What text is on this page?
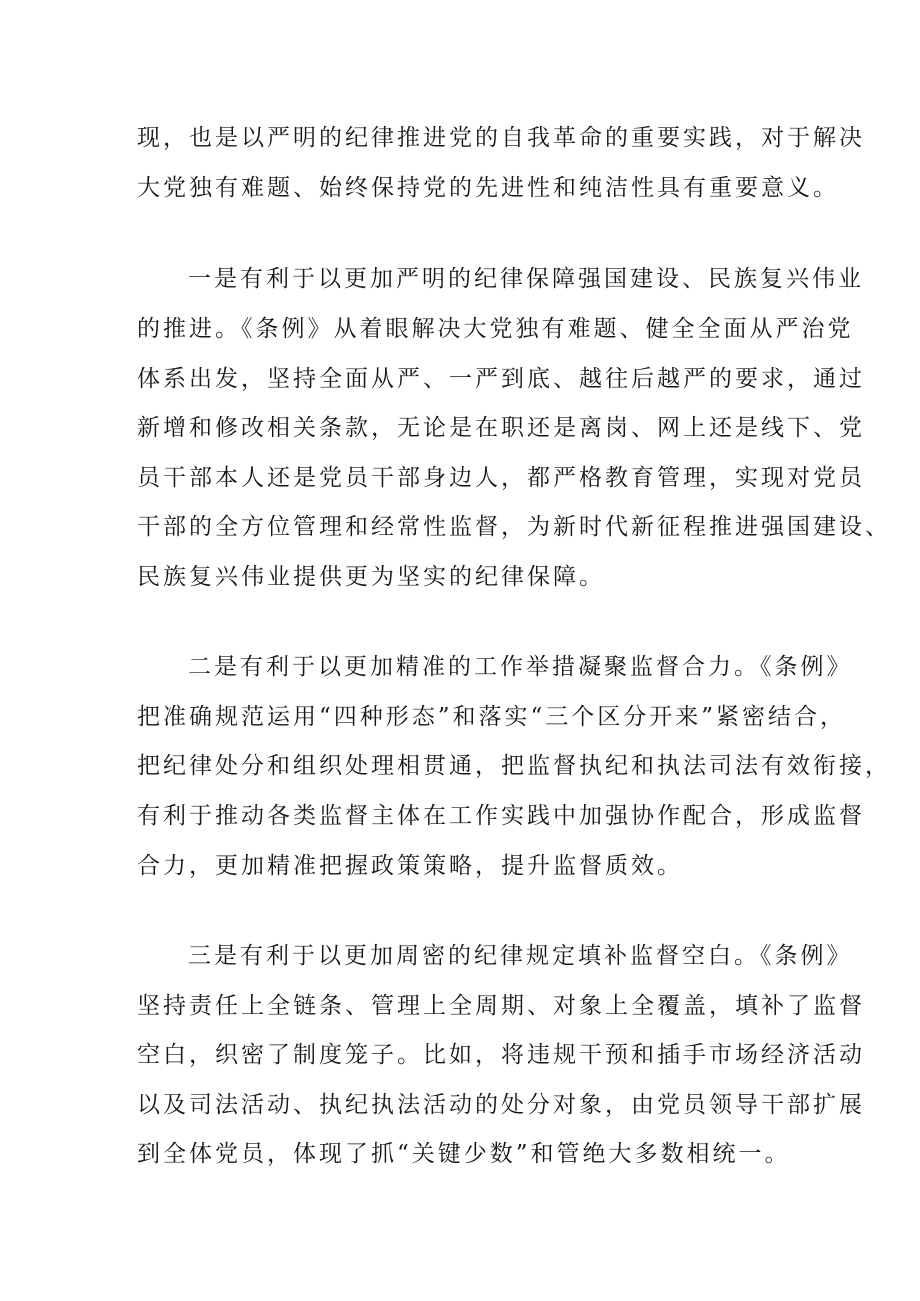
现，也是以严明的纪律推进党的自我革命的重要实践，对于解决
大党独有难题、始终保持党的先进性和纯洁性具有重要意义。
一是有利于以更加严明的纪律保障强国建设、民族复兴伟业
的推进。《条例》从着眼解决大党独有难题、健全全面从严治党
体系出发，坚持全面从严、一严到底、越往后越严的要求，通过
新增和修改相关条款，无论是在职还是离岗、网上还是线下、党
员干部本人还是党员干部身边人，都严格教育管理，实现对党员
干部的全方位管理和经常性监督，为新时代新征程推进强国建设、
民族复兴伟业提供更为坚实的纪律保障。
二是有利于以更加精准的工作举措凝聚监督合力。《条例》
把准确规范运用“四种形态”和落实“三个区分开来”紧密结合，
把纪律处分和组织处理相贯通，把监督执纪和执法司法有效衔接，
有利于推动各类监督主体在工作实践中加强协作配合，形成监督
合力，更加精准把握政策策略，提升监督质效。
三是有利于以更加周密的纪律规定填补监督空白。《条例》
坚持责任上全链条、管理上全周期、对象上全覆盖，填补了监督
空白，织密了制度笼子。比如，将违规干预和插手市场经济活动
以及司法活动、执纪执法活动的处分对象，由党员领导干部扩展
到全体党员，体现了抓“关键少数”和管绝大多数相统一。
